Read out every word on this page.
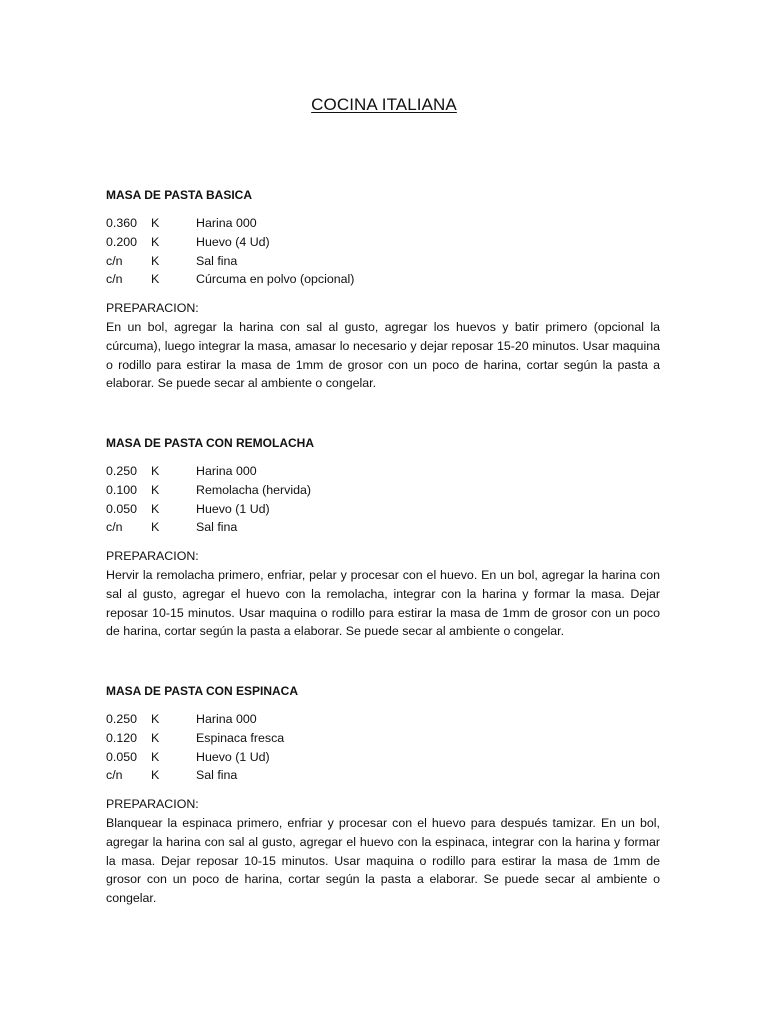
COCINA ITALIANA
MASA DE PASTA BASICA
0.360	K	Harina 000
0.200	K	Huevo (4 Ud)
c/n	K	Sal fina
c/n	K	Cúrcuma en polvo (opcional)
PREPARACION:

En un bol, agregar la harina con sal al gusto, agregar los huevos y batir primero (opcional la cúrcuma), luego integrar la masa, amasar lo necesario y dejar reposar 15-20 minutos. Usar maquina o rodillo para estirar la masa de 1mm de grosor con un poco de harina, cortar según la pasta a elaborar. Se puede secar al ambiente o congelar.

MASA DE PASTA CON REMOLACHA
0.250	K	Harina 000
0.100	K	Remolacha (hervida)
0.050	K	Huevo (1 Ud)
c/n	K	Sal fina
PREPARACION:

Hervir la remolacha primero, enfriar, pelar y procesar con el huevo. En un bol, agregar la harina con sal al gusto, agregar el huevo con la remolacha, integrar con la harina y formar la masa. Dejar reposar 10-15 minutos. Usar maquina o rodillo para estirar la masa de 1mm de grosor con un poco de harina, cortar según la pasta a elaborar. Se puede secar al ambiente o congelar.

MASA DE PASTA CON ESPINACA
0.250	K	Harina 000
0.120	K	Espinaca fresca
0.050	K	Huevo (1 Ud)
c/n	K	Sal fina
PREPARACION:

Blanquear la espinaca primero, enfriar y procesar con el huevo para después tamizar. En un bol, agregar la harina con sal al gusto, agregar el huevo con la espinaca, integrar con la harina y formar la masa. Dejar reposar 10-15 minutos. Usar maquina o rodillo para estirar la masa de 1mm de grosor con un poco de harina, cortar según la pasta a elaborar. Se puede secar al ambiente o congelar.
